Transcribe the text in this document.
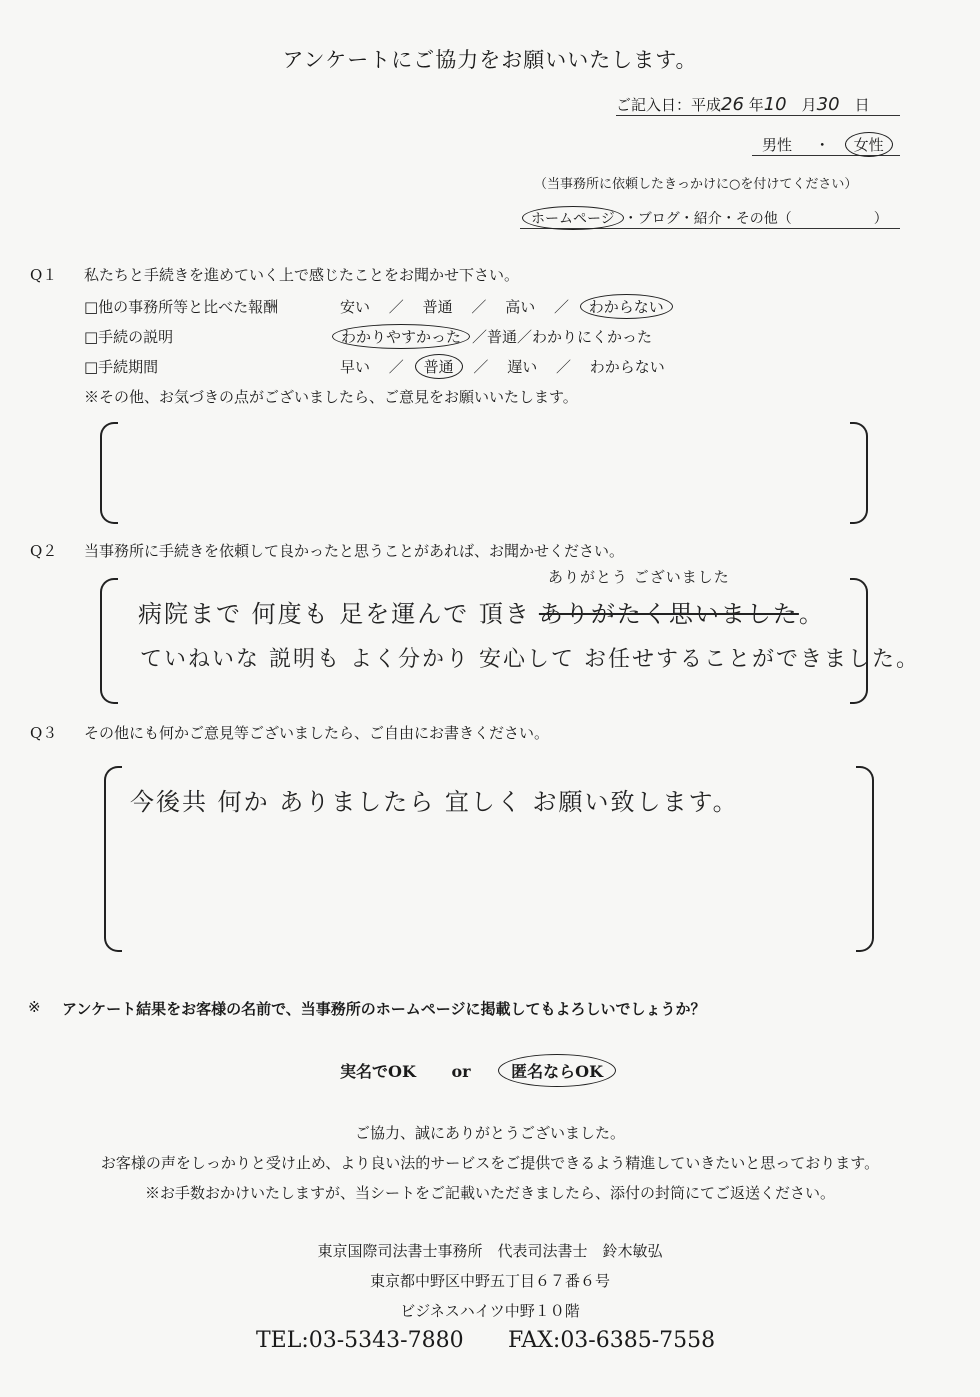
アンケートにご協力をお願いいたします。
ご記入日：平成26 年10　 月30　 日
男性 ・ 女性
（当事務所に依頼したきっかけに○を付けてください）
ホームページ ・ブログ・紹介・その他（	）
Q１ 私たちと手続きを進めていく上で感じたことをお聞かせ下さい。
□他の事務所等と比べた報酬	安い ／ 普通 ／ 高い ／ わからない
□手続の説明	わかりやすかった ／普通／わかりにくかった
□手続期間	早い ／ 普通 ／ 遅い ／ わからない
※その他、お気づきの点がございましたら、ご意見をお願いいたします。
Q２ 当事務所に手続きを依頼して良かったと思うことがあれば、お聞かせください。
ありがとう ございました
病院まで 何度も 足を運んで 頂き ありがたく思いました。
ていねいな 説明も よく分かり 安心して お任せすることができました。
Q３ その他にも何かご意見等ございましたら、ご自由にお書きください。
今後共 何か ありましたら 宜しく お願い致します。
※ アンケート結果をお客様の名前で、当事務所のホームページに掲載してもよろしいでしょうか？
実名でOK or	匿名ならOK
ご協力、誠にありがとうございました。
お客様の声をしっかりと受け止め、より良い法的サービスをご提供できるよう精進していきたいと思っております。
※お手数おかけいたしますが、当シートをご記載いただきましたら、添付の封筒にてご返送ください。
東京国際司法書士事務所　代表司法書士　鈴木敏弘
東京都中野区中野五丁目６７番６号
ビジネスハイツ中野１０階
TEL:03-5343-7880 FAX:03-6385-7558
